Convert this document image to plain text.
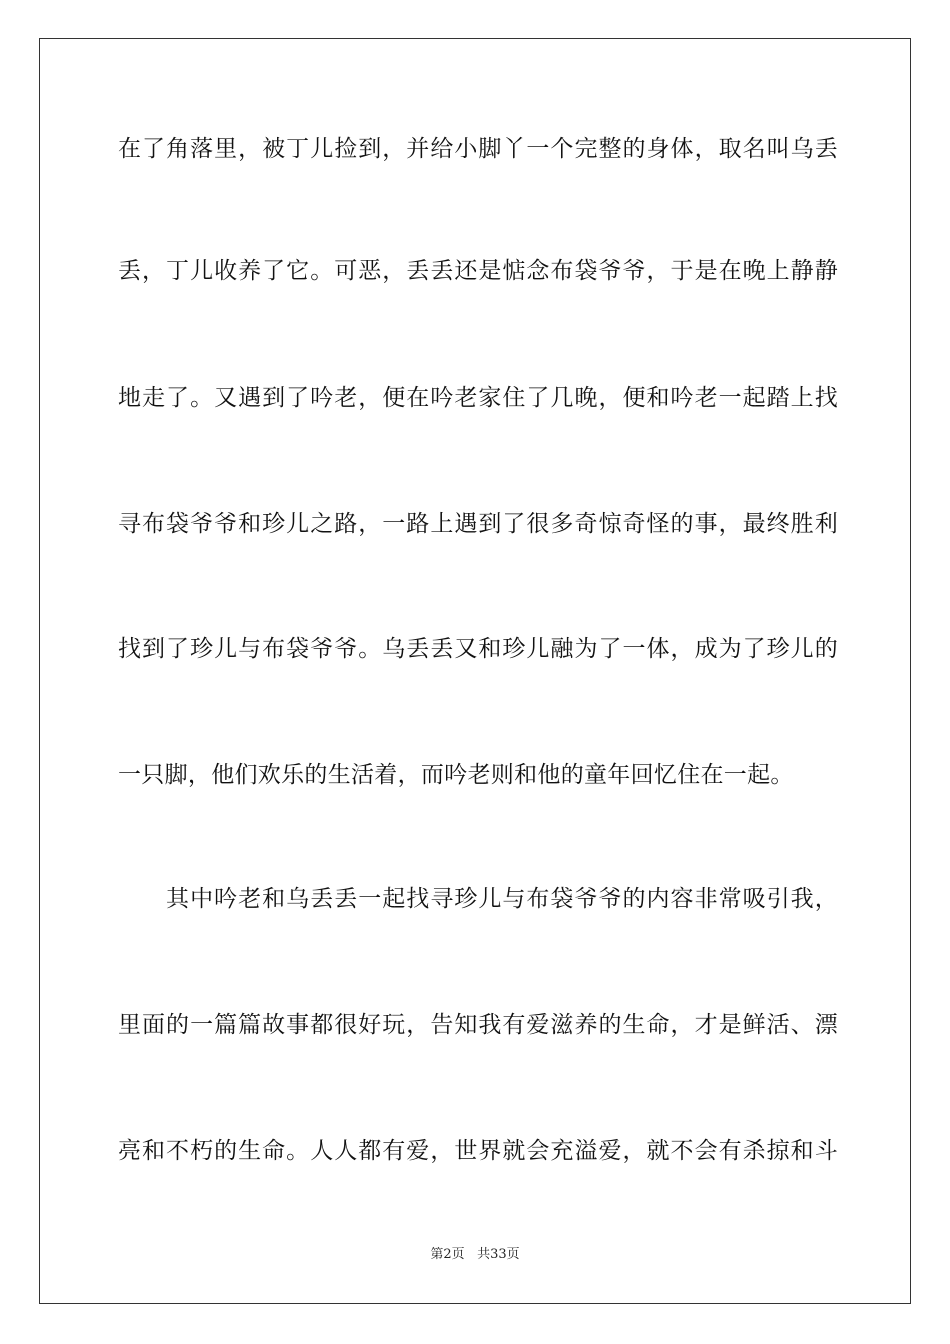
在了角落里，被丁儿捡到，并给小脚丫一个完整的身体，取名叫乌丢
丢，丁儿收养了它。可恶，丢丢还是惦念布袋爷爷，于是在晚上静静
地走了。又遇到了吟老，便在吟老家住了几晚，便和吟老一起踏上找
寻布袋爷爷和珍儿之路，一路上遇到了很多奇惊奇怪的事，最终胜利
找到了珍儿与布袋爷爷。乌丢丢又和珍儿融为了一体，成为了珍儿的
一只脚，他们欢乐的生活着，而吟老则和他的童年回忆住在一起。
　　其中吟老和乌丢丢一起找寻珍儿与布袋爷爷的内容非常吸引我，
里面的一篇篇故事都很好玩，告知我有爱滋养的生命，才是鲜活、漂
亮和不朽的生命。人人都有爱，世界就会充溢爱，就不会有杀掠和斗
第2页 共33页
